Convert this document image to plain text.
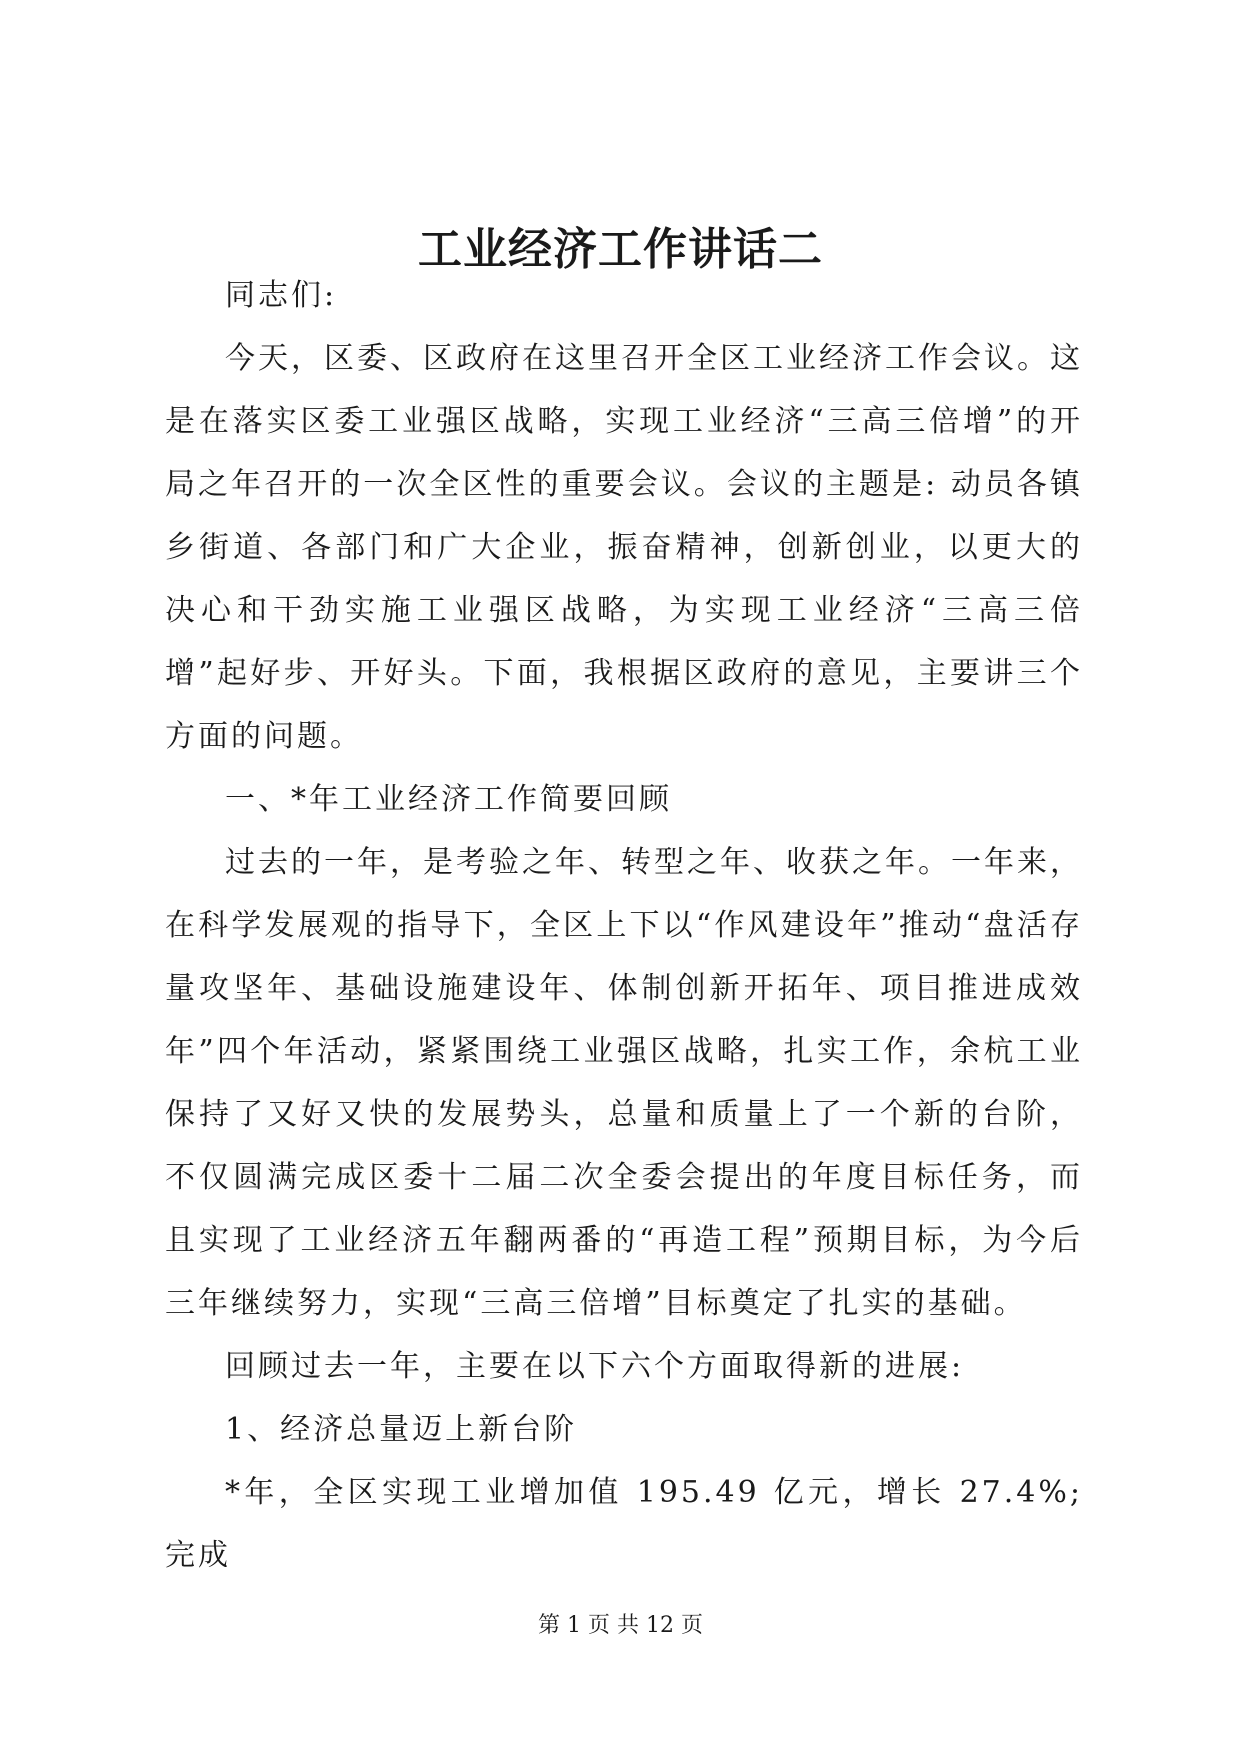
工业经济工作讲话二

同志们:

今天，区委、区政府在这里召开全区工业经济工作会议。这是在落实区委工业强区战略，实现工业经济“三高三倍增”的开局之年召开的一次全区性的重要会议。会议的主题是: 动员各镇乡街道、各部门和广大企业，振奋精神，创新创业，以更大的决心和干劲实施工业强区战略，为实现工业经济“三高三倍增”起好步、开好头。下面，我根据区政府的意见，主要讲三个方面的问题。

一、*年工业经济工作简要回顾

过去的一年，是考验之年、转型之年、收获之年。一年来，在科学发展观的指导下，全区上下以“作风建设年”推动“盘活存量攻坚年、基础设施建设年、体制创新开拓年、项目推进成效年”四个年活动，紧紧围绕工业强区战略，扎实工作，余杭工业保持了又好又快的发展势头，总量和质量上了一个新的台阶，不仅圆满完成区委十二届二次全委会提出的年度目标任务，而且实现了工业经济五年翻两番的“再造工程”预期目标，为今后三年继续努力，实现“三高三倍增”目标奠定了扎实的基础。

回顾过去一年，主要在以下六个方面取得新的进展:

1、经济总量迈上新台阶

*年，全区实现工业增加值 195.49 亿元，增长 27.4%; 完成

第 1 页 共 12 页
